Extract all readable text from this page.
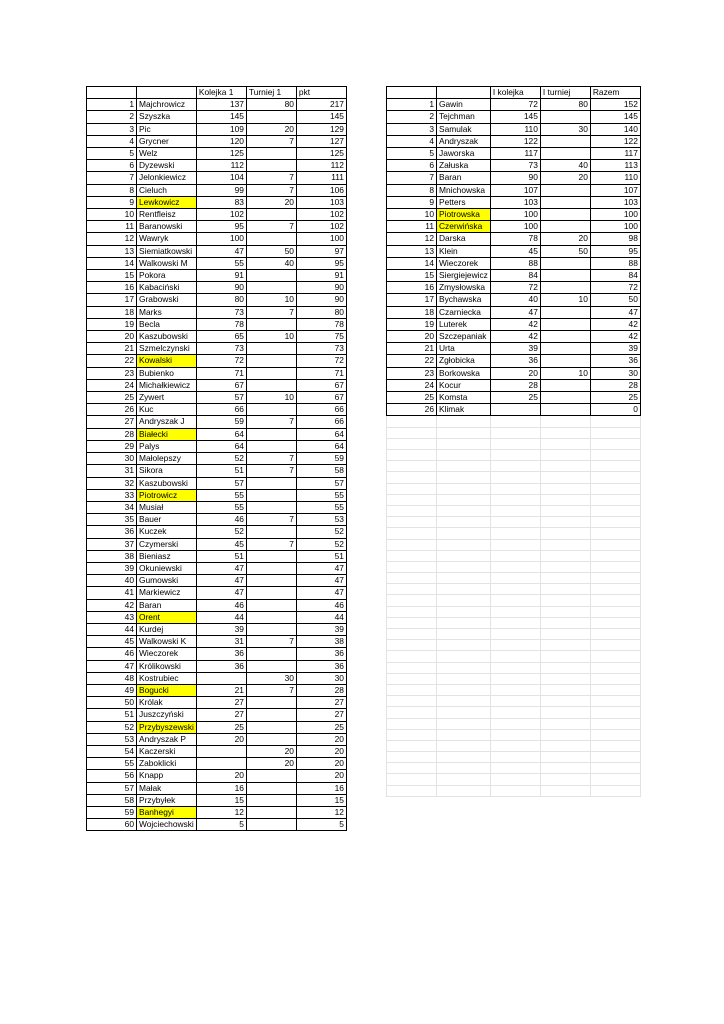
		Kolejka 1	Turniej 1	pkt
1	Majchrowicz	137	80	217
2	Szyszka	145		145
3	Pic	109	20	129
4	Grycner	120	7	127
5	Welz	125		125
6	Dyzewski	112		112
7	Jelonkiewicz	104	7	111
8	Cieluch	99	7	106
9	Lewkowicz	83	20	103
10	Rentfleisz	102		102
11	Baranowski	95	7	102
12	Wawryk	100		100
13	Siemiatkowski	47	50	97
14	Walkowski M	55	40	95
15	Pokora	91		91
16	Kabaciński	90		90
17	Grabowski	80	10	90
18	Marks	73	7	80
19	Becla	78		78
20	Kaszubowski	65	10	75
21	Szmelczynski	73		73
22	Kowalski	72		72
23	Bubienko	71		71
24	Michałkiewicz	67		67
25	Zywert	57	10	67
26	Kuc	66		66
27	Andryszak J	59	7	66
28	Białecki	64		64
29	Palys	64		64
30	Małolepszy	52	7	59
31	Sikora	51	7	58
32	Kaszubowski	57		57
33	Piotrowicz	55		55
34	Musiał	55		55
35	Bauer	46	7	53
36	Kuczek	52		52
37	Czymerski	45	7	52
38	Bieniasz	51		51
39	Okuniewski	47		47
40	Gumowski	47		47
41	Markiewicz	47		47
42	Baran	46		46
43	Orent	44		44
44	Kurdej	39		39
45	Walkowski K	31	7	38
46	Wieczorek	36		36
47	Królikowski	36		36
48	Kostrubiec		30	30
49	Bogucki	21	7	28
50	Królak	27		27
51	Juszczyński	27		27
52	Przybyszewski	25		25
53	Andryszak P	20		20
54	Kaczerski		20	20
55	Zaboklicki		20	20
56	Knapp	20		20
57	Małak	16		16
58	Przybyłek	15		15
59	Banhegyi	12		12
60	Wojciechowski	5		5
		I kolejka	I turniej	Razem
1	Gawin	72	80	152
2	Tejchman	145		145
3	Samulak	110	30	140
4	Andryszak	122		122
5	Jaworska	117		117
6	Załuska	73	40	113
7	Baran	90	20	110
8	Mnichowska	107		107
9	Petters	103		103
10	Piotrowska	100		100
11	Czerwińska	100		100
12	Darska	78	20	98
13	Klein	45	50	95
14	Wieczorek	88		88
15	Siergiejewicz	84		84
16	Zmysłowska	72		72
17	Bychawska	40	10	50
18	Czarniecka	47		47
19	Luterek	42		42
20	Szczepaniak	42		42
21	Urta	39		39
22	Zgłobicka	36		36
23	Borkowska	20	10	30
24	Kocur	28		28
25	Komsta	25		25
26	Klimak			0
